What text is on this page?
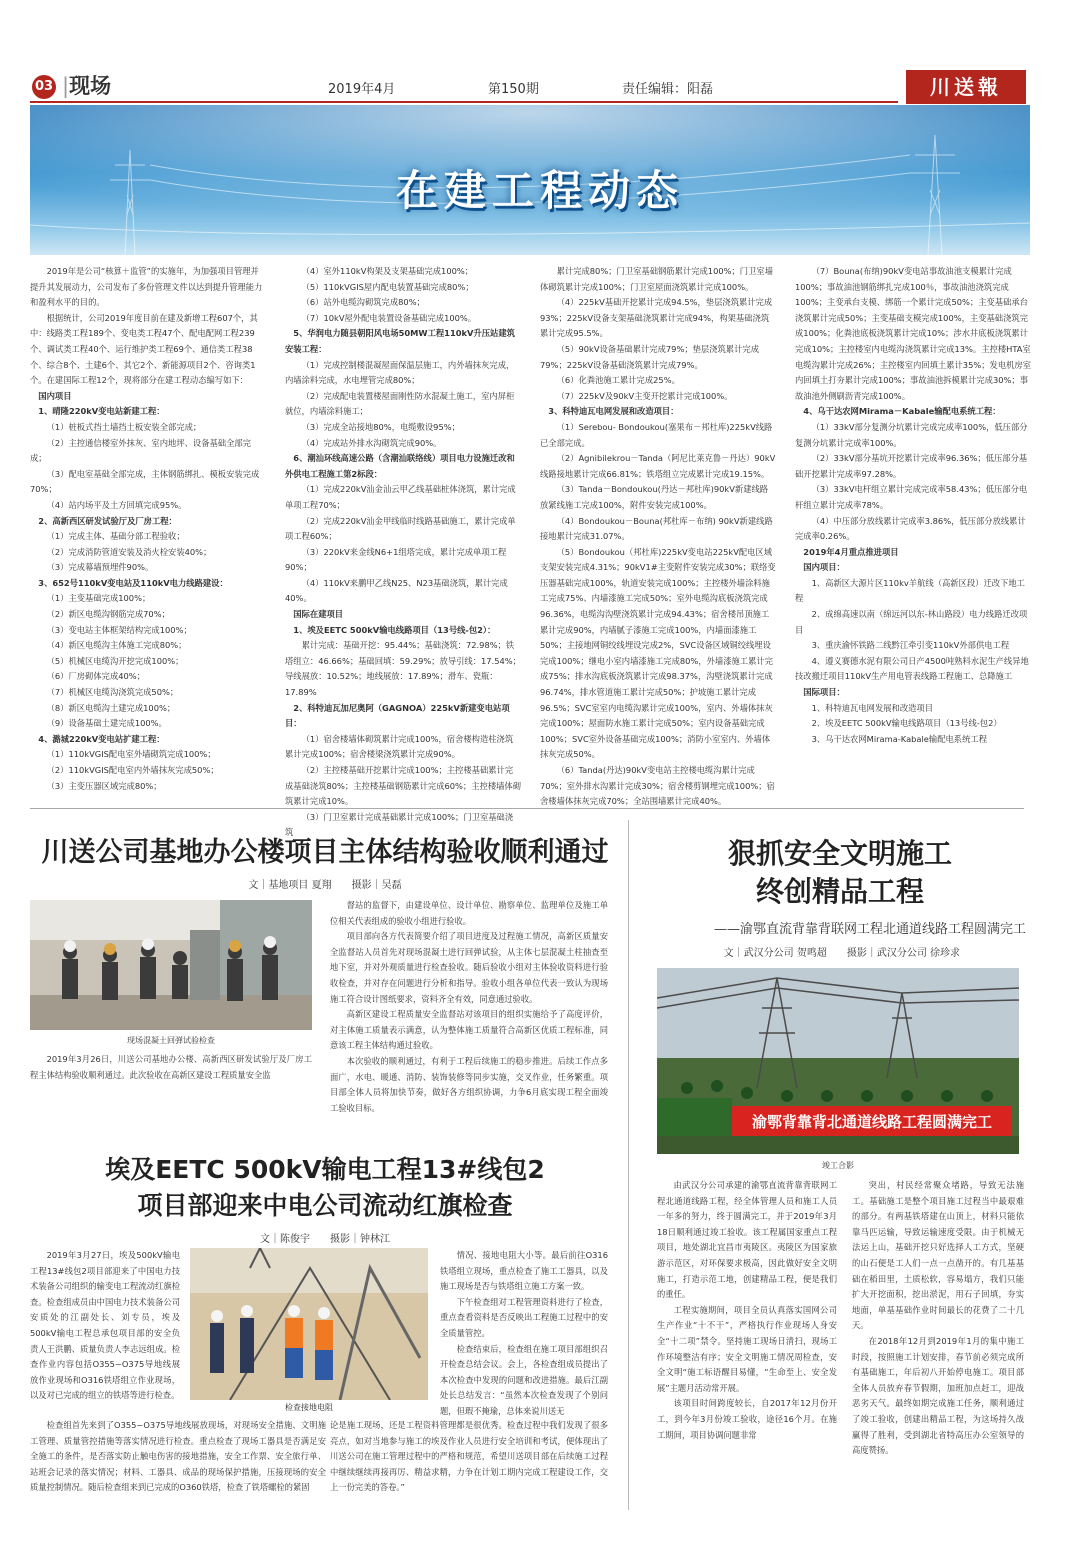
03 |现场	2019年4月	第150期	责任编辑：阳磊	川送報
在建工程动态

2019年是公司“核算＋监管”的实施年，为加强项目管理并提升其发展动力，公司发布了多份管理文件以达到提升管理能力和盈利水平的目的。

根据统计，公司2019年度目前在建及新增工程607个，其中：线路类工程189个、变电类工程47个、配电配网工程239个、调试类工程40个、运行维护类工程69个、通信类工程38个、综合8个、土建6个、其它2个、新能源项目2个、咨询类1个。在建国际工程12个，现将部分在建工程动态编写如下：

国内项目

1、晴隆220kV变电站新建工程：

（1）桩板式挡土墙挡土板安装全部完成；

（2）主控通信楼室外抹灰、室内地坪、设备基础全部完成；

（3）配电室基础全部完成，主体钢筋绑扎、模板安装完成70%；

（4）站内场平及土方回填完成95%。

2、高新西区研发试验厅及厂房工程：

（1）完成主体、基础分部工程验收；

（2）完成消防管道安装及消火栓安装40%；

（3）完成幕墙预埋件90%。

3、652号110kV变电站及110kV电力线路建设：

（1）主变基础完成100%；

（2）新区电缆沟钢筋完成70%；

（3）变电站主体框架结构完成100%；

（4）新区电缆沟主体施工完成80%；

（5）机械区电缆沟开挖完成100%；

（6）厂房砌体完成40%；

（7）机械区电缆沟浇筑完成50%；

（8）新区电缆沟土建完成100%；

（9）设备基础土建完成100%。

4、潞城220kV变电站扩建工程：

（1）110kVGIS配电室外墙砌筑完成100%；

（2）110kVGIS配电室内外墙抹灰完成50%；

（3）主变压器区域完成80%；

（4）室外110kV构架及支架基础完成100%；

（5）110kVGIS屋内配电装置基础完成80%；

（6）站外电缆沟砌筑完成80%；

（7）10kV屋外配电装置设备基础完成100%。

5、华润电力随县朝阳风电场50MW工程110kV升压站建筑安装工程：

（1）完成控制楼混凝屋面保温层施工，内外墙抹灰完成，内墙涂料完成，水电埋管完成80%；

（2）完成配电装置楼屋面刚性防水混凝土施工，室内屏柜就位，内墙涂料施工；

（3）完成全站接地80%，电缆敷设95%；

（4）完成站外排水沟砌筑完成90%。

6、潮汕环线高速公路（含潮汕联络线）项目电力设施迁改和外供电工程施工第2标段：

（1）完成220kV汕金汕云甲乙线基础桩体浇筑，累计完成单项工程70%；

（2）完成220kV汕金甲线临时线路基础施工，累计完成单项工程60%；

（3）220kV来金线N6+1组塔完成，累计完成单项工程90%；

（4）110kV来鹏甲乙线N25、N23基础浇筑，累计完成40%。

国际在建项目

1、埃及EETC 500kV输电线路项目（13号线-包2）：

累计完成：基础开挖：95.44%；基础浇筑：72.98%；铁塔组立：46.66%；基础回填：59.29%；放导引线：17.54%；导线展放：10.52%；地线展放：17.89%；滑车、瓷瓶：17.89%

2、科特迪瓦加尼奥阿（GAGNOA）225kV新建变电站项目：

（1）宿舍楼墙体砌筑累计完成100%，宿舍楼构造柱浇筑累计完成100%；宿舍楼梁浇筑累计完成90%。

（2）主控楼基础开挖累计完成100%；主控楼基础累计完成基础浇筑80%；主控楼基础钢筋累计完成60%；主控楼墙体砌筑累计完成10%。

（3）门卫室累计完成基础累计完成100%；门卫室基础浇筑

累计完成80%；门卫室基础钢筋累计完成100%；门卫室墙体砌筑累计完成100%；门卫室屋面浇筑累计完成100%。

（4）225kV基础开挖累计完成94.5%，垫层浇筑累计完成93%；225kV设备支架基础浇筑累计完成94%，构架基础浇筑累计完成95.5%。

（5）90kV设备基础累计完成79%；垫层浇筑累计完成79%；225kV设备基础浇筑累计完成79%。

（6）化粪池施工累计完成25%。

（7）225kV及90kV主变开挖累计完成100%。

3、科特迪瓦电网发展和改造项目：

（1）Serebou- Bondoukou(塞果布－邦杜库)225kV线路已全部完成。

（2）Agnibilekrou－Tanda（阿尼比莱克鲁－丹达）90kV线路接地累计完成66.81%；铁塔组立完成累计完成19.15%。

（3）Tanda－Bondoukou(丹达－邦杜库)90kV新建线路放紧线施工完成100%，附件安装完成100%。

（4）Bondoukou－Bouna(邦杜库－布纳) 90kV新建线路接地累计完成31.07%。

（5）Bondoukou（邦杜库)225kV变电站225kV配电区域支架安装完成4.31%；90kV1#主变附件安装完成30%；联络变压器基础完成100%，轨道安装完成100%；主控楼外墙涂料施工完成75%、内墙漆施工完成50%；室外电缆沟底板浇筑完成96.36%，电缆沟沟壁浇筑累计完成94.43%；宿舍楼吊顶施工累计完成90%，内墙腻子漆施工完成100%，内墙面漆施工50%；主接地网铜绞线埋设完成2%，SVC设备区域铜绞线埋设完成100%；继电小室内墙漆施工完成80%，外墙漆施工累计完成75%；排水沟底板浇筑累计完成98.37%，沟壁浇筑累计完成96.74%，排水管道施工累计完成50%；护坡施工累计完成96.5%；SVC室室内电缆沟累计完成100%，室内、外墙体抹灰完成100%；屋面防水施工累计完成50%；室内设备基础完成100%；SVC室外设备基础完成100%；消防小室室内、外墙体抹灰完成50%。

（6）Tanda(丹达)90kV变电站主控楼电缆沟累计完成70%；室外排水沟累计完成30%；宿舍楼剪钢埋完成100%；宿舍楼墙体抹灰完成70%；全站围墙累计完成40%。

（7）Bouna(布纳)90kV变电站事故油池支模累计完成100%；事故油池钢筋绑扎完成100％，事故油池浇筑完成100%；主变承台支模、绑筋一个累计完成50%；主变基础承台浇筑累计完成50%；主变基础支模完成100%，主变基础浇筑完成100%；化粪池底板浇筑累计完成10%；涉水井底板浇筑累计完成10%；主控楼室内电缆沟浇筑累计完成13%。主控楼HTA室电缆沟累计完成26%；主控楼室内回填土累计35%；发电机房室内回填土打夯累计完成100%；事故油池拆模累计完成30%；事故油池外侧刷沥青完成100%。

4、乌干达农网Mirama－Kabale输配电系统工程：

（1）33kV部分复测分坑累计完成完成率100%，低压部分复测分坑累计完成率100%。

（2）33kV部分基坑开挖累计完成率96.36%；低压部分基础开挖累计完成率97.28%。

（3）33kV电杆组立累计完成完成率58.43%；低压部分电杆组立累计完成率78%。

（4）中压部分放线累计完成率3.86%，低压部分放线累计完成率0.26%。

2019年4月重点推进项目

国内项目：

1、高新区大源片区110kv羊航线（高新区段）迁改下地工程

2、成绵高速以南（绵远河以东-林山路段）电力线路迁改项目

3、重庆渝怀铁路二线黔江牵引变110kV外部供电工程

4、遵义赛德水泥有限公司日产4500吨熟料水泥生产线异地技改搬迁项目110kV生产用电管表线路工程施工、总降施工

国际项目：

1、科特迪瓦电网发展和改造项目

2、埃及EETC 500kV输电线路项目（13号线-包2）

3、乌干达农网Mirama-Kabale输配电系统工程

川送公司基地办公楼项目主体结构验收顺利通过
文｜基地项目 夏翔　　摄影｜吴磊
现场混凝土回弹试验检查

2019年3月26日，川送公司基地办公楼、高新西区研发试验厅及厂房工程主体结构验收顺利通过。此次验收在高新区建设工程质量安全监

督站的监督下，由建设单位、设计单位、勘察单位、监理单位及施工单位相关代表组成的验收小组进行验收。

项目部向各方代表简要介绍了项目进度及过程施工情况，高新区质量安全监督站人员首先对现场混凝土进行回弹试验，从主体七层混凝土柱抽查至地下室，并对外观质量进行检查验收。随后验收小组对主体验收资料进行验收检查，并对存在问题进行分析和指导。验收小组各单位代表一致认为现场施工符合设计图纸要求，资料齐全有效，同意通过验收。

高新区建设工程质量安全监督站对该项目的组织实施给予了高度评价，对主体施工质量表示满意，认为整体施工质量符合高新区优质工程标准，同意该工程主体结构通过验收。

本次验收的顺利通过，有利于工程后续施工的稳步推进。后续工作点多面广，水电、暖通、消防、装饰装修等同步实施，交叉作业，任务繁重。项目部全体人员将加快节奏，做好各方组织协调，力争6月底实现工程全面竣工验收目标。

埃及EETC 500kV输电工程13#线包2
项目部迎来中电公司流动红旗检查
文｜陈俊宇　　摄影｜钟林江

2019年3月27日，埃及500kV输电工程13#线包2项目部迎来了中国电力技术装备公司组织的输变电工程流动红旗检查。检查组成员由中国电力技术装备公司安质处的江副处长、刘专员，埃及500kV输电工程总承包项目部的安全负责人王洪鹏、质量负责人李志远组成。检查作业内容包括O355~O375导地线展放作业现场和O316铁塔组立作业现场，以及对已完成的组立的铁塔等进行检查。

检查接地电阻

检查组首先来到了O355~O375导地线展放现场，对现场安全措施、文明施工管理、质量管控措施等落实情况进行检查。重点检查了现场工器具是否满足安全施工的条件，是否落实防止触电伤害的接地措施，安全工作票、安全旅行单、站班会记录的落实情况；材料、工器具、成品的现场保护措施，压接现场的安全质量控制情况。随后检查组来到已完成的O360铁塔，检查了铁塔螺栓的紧固

情况、接地电阻大小等。最后前往O316铁塔组立现场，重点检查了施工工器具，以及施工现场是否与铁塔组立施工方案一致。

下午检查组对工程管理资料进行了检查，重点查看资料是否反映出工程施工过程中的安全质量管控。

检查结束后，检查组在施工项目部组织召开检查总结会议。会上，各检查组成员提出了本次检查中发现的问题和改进措施。最后江副处长总结发言：“虽然本次检查发现了个别问题，但瑕不掩瑜，总体来说川送无

论是施工现场，还是工程资料管理都是很优秀。检查过程中我们发现了很多亮点，如对当地参与施工的埃及作业人员进行安全培训和考试，便体现出了川送公司在施工管理过程中的严格和规范，希望川送项目部在后续施工过程中继续继续再接再厉、精益求精，力争在计划工期内完成工程建设工作，交上一份完美的答卷。”

狠抓安全文明施工
终创精品工程
——渝鄂直流背靠背联网工程北通道线路工程圆满完工
文｜武汉分公司 贺鸣超　　摄影｜武汉分公司 徐珍求
渝鄂背靠背北通道线路工程圆满完工
竣工合影

由武汉分公司承建的渝鄂直流背靠背联网工程北通道线路工程，经全体管理人员和施工人员一年多的努力，终于圆满完工，并于2019年3月18日顺利通过竣工验收。该工程属国家重点工程项目，地处湖北宜昌市夷陵区。夷陵区为国家旅游示范区，对环保要求极高，因此做好安全文明施工，打造示范工地，创建精品工程，便是我们的重任。

工程实施期间，项目全员认真落实国网公司生产作业“十不干”，严格执行作业现场人身安全“十二项”禁令。坚持施工现场日清扫，现场工作环境整洁有序；安全文明施工情况周检查，安全文明“施工标语醒目易懂，“生命至上、安全发展”主题月活动常开展。

该项目时间跨度较长，自2017年12月份开工，到今年3月份竣工验收，途径16个月。在施工期间，项目协调问题非常

突出，村民经常聚众堵路，导致无法施工。基础施工是整个项目施工过程当中最艰难的部分。有两基铁塔建在山顶上，材料只能依靠马匹运输，导致运输速度受限。由于机械无法运上山，基础开挖只好选择人工方式，坚硬的山石便是工人们一点一点凿开的。有几基基础在稻田里，土质松软，容易塌方，我们只能扩大开挖面积，挖出淤泥，用石子回填，夯实地面，单基基础作业时间最长的花费了二十几天。

在2018年12月到2019年1月的集中施工时段，按照施工计划安排，春节前必须完成所有基础施工，年后初八开始停电施工。项目部全体人员放弃春节假期，加班加点赶工，迎战恶劣天气。最终如期完成施工任务，顺利通过了竣工验收，创建出精品工程，为这场持久战赢得了胜利，受到湖北省特高压办公室领导的高度赞扬。
